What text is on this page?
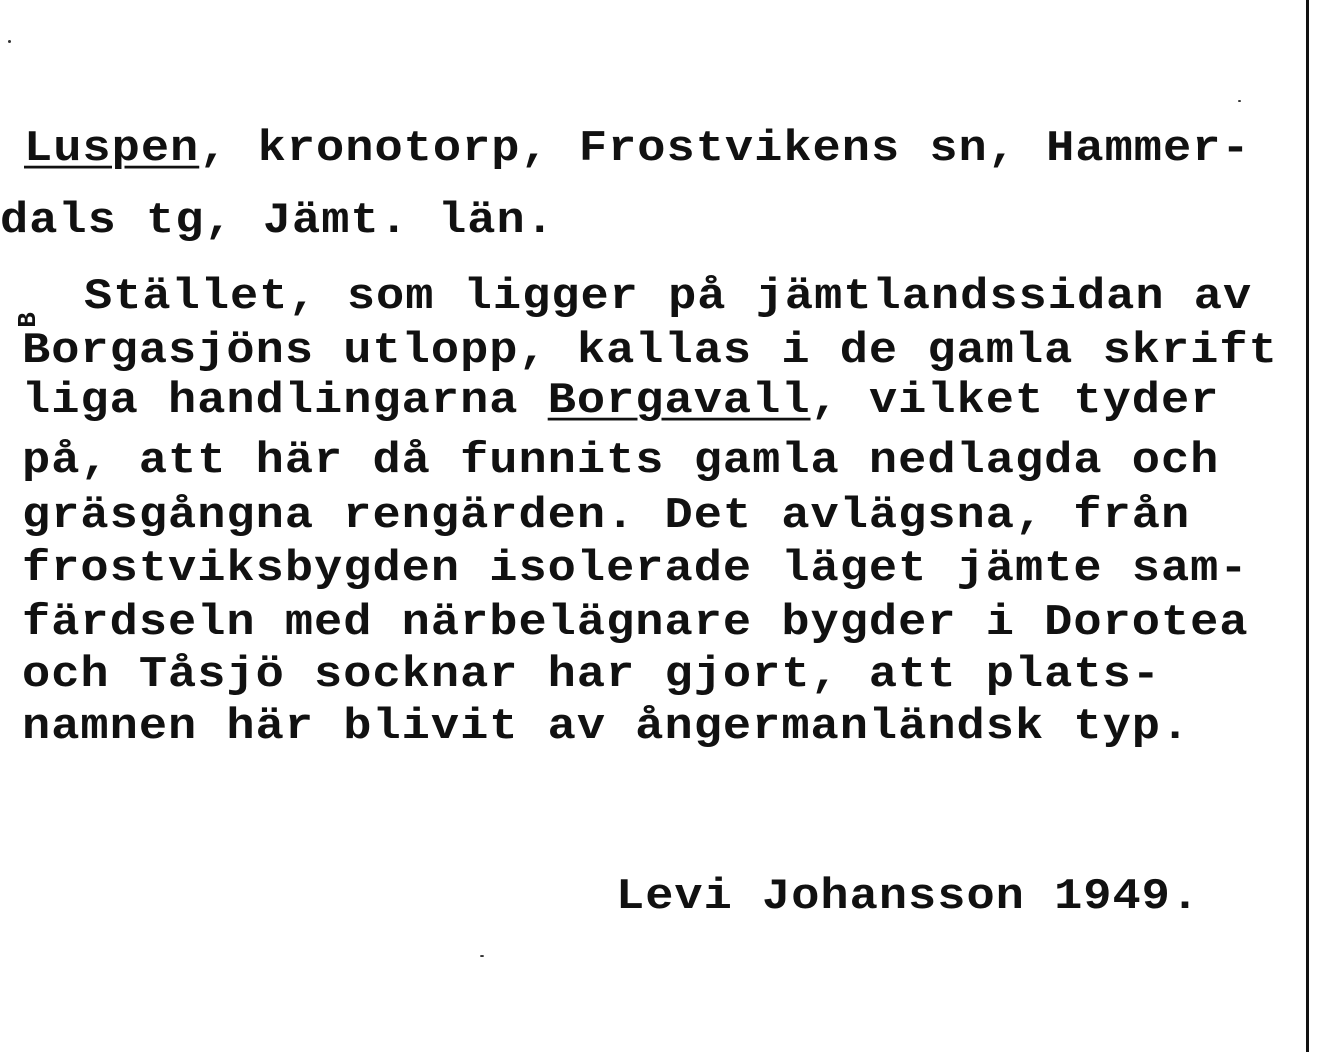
Luspen, kronotorp, Frostvikens sn, Hammer-
dals tg, Jämt. län.
B Stället, som ligger på jämtlandssidan av
Borgasjöns utlopp, kallas i de gamla skrift
liga handlingarna Borgavall, vilket tyder
på, att här då funnits gamla nedlagda och
gräsgångna rengärden. Det avlägsna, från
frostviksbygden isolerade läget jämte sam-
färdseln med närbelägnare bygder i Dorotea
och Tåsjö socknar har gjort, att plats-
namnen här blivit av ångermanländsk typ.
Levi Johansson 1949.
